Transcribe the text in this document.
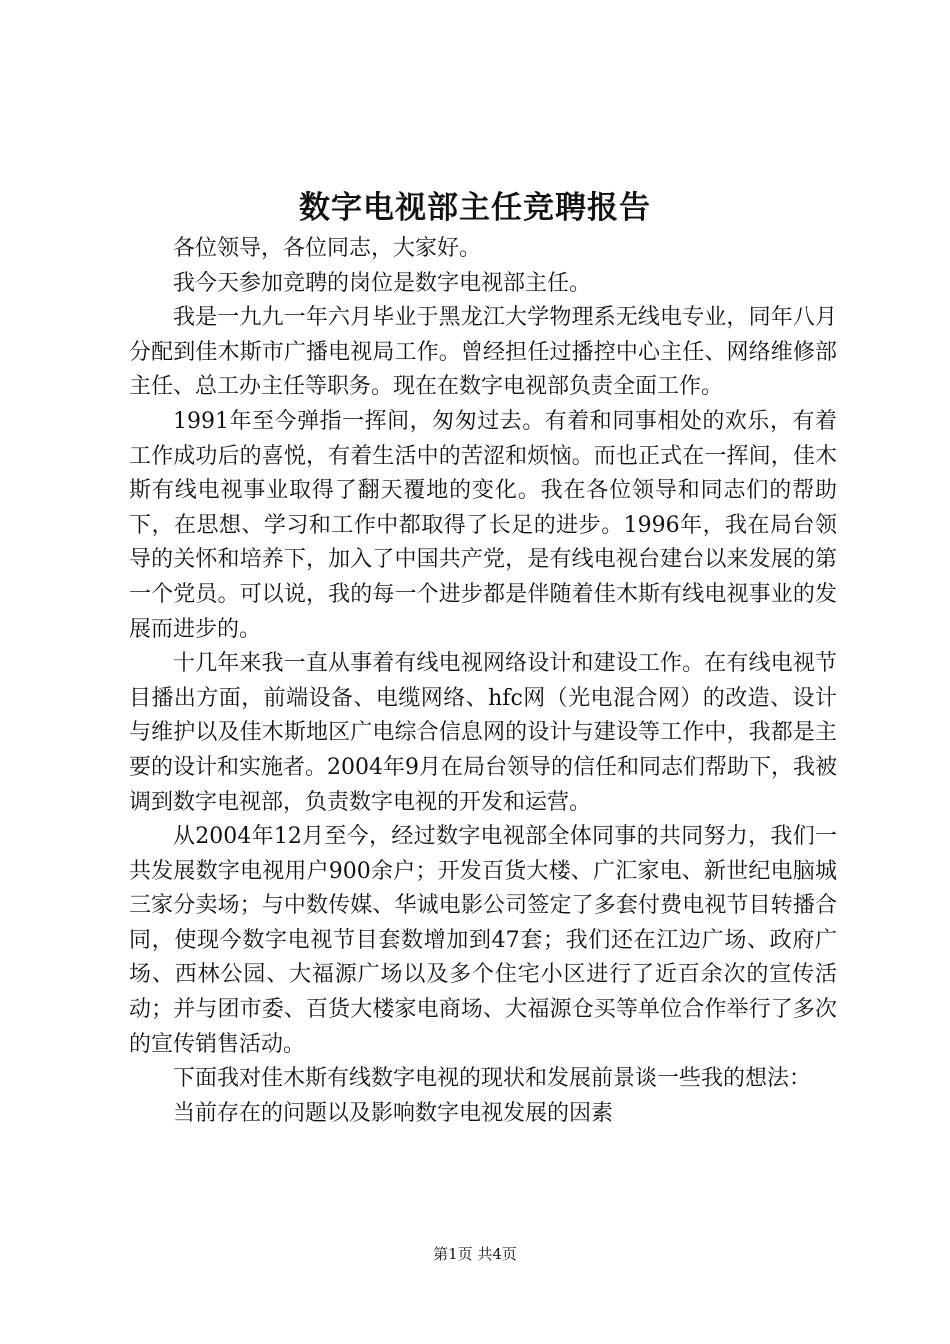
数字电视部主任竞聘报告

各位领导，各位同志，大家好。

我今天参加竞聘的岗位是数字电视部主任。

我是一九九一年六月毕业于黑龙江大学物理系无线电专业，同年八月分配到佳木斯市广播电视局工作。曾经担任过播控中心主任、网络维修部主任、总工办主任等职务。现在在数字电视部负责全面工作。

1991年至今弹指一挥间，匆匆过去。有着和同事相处的欢乐，有着工作成功后的喜悦，有着生活中的苦涩和烦恼。而也正式在一挥间，佳木斯有线电视事业取得了翻天覆地的变化。我在各位领导和同志们的帮助下，在思想、学习和工作中都取得了长足的进步。1996年，我在局台领导的关怀和培养下，加入了中国共产党，是有线电视台建台以来发展的第一个党员。可以说，我的每一个进步都是伴随着佳木斯有线电视事业的发展而进步的。

十几年来我一直从事着有线电视网络设计和建设工作。在有线电视节目播出方面，前端设备、电缆网络、hfc网（光电混合网）的改造、设计与维护以及佳木斯地区广电综合信息网的设计与建设等工作中，我都是主要的设计和实施者。2004年9月在局台领导的信任和同志们帮助下，我被调到数字电视部，负责数字电视的开发和运营。

从2004年12月至今，经过数字电视部全体同事的共同努力，我们一共发展数字电视用户900余户；开发百货大楼、广汇家电、新世纪电脑城三家分卖场；与中数传媒、华诚电影公司签定了多套付费电视节目转播合同，使现今数字电视节目套数增加到47套；我们还在江边广场、政府广场、西林公园、大福源广场以及多个住宅小区进行了近百余次的宣传活动；并与团市委、百货大楼家电商场、大福源仓买等单位合作举行了多次的宣传销售活动。

下面我对佳木斯有线数字电视的现状和发展前景谈一些我的想法：

当前存在的问题以及影响数字电视发展的因素

第1页 共4页
